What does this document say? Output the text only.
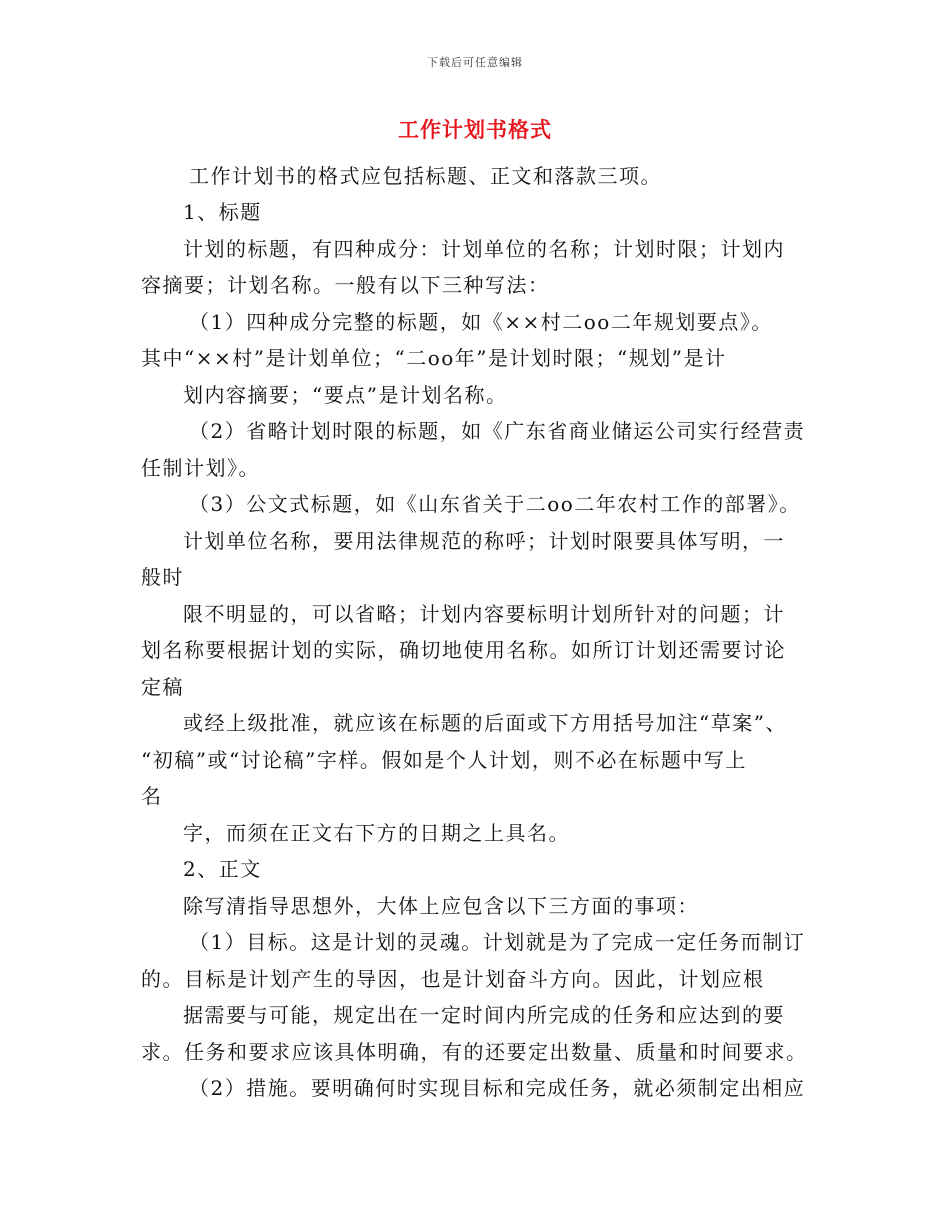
下载后可任意编辑
工作计划书格式
工作计划书的格式应包括标题、正文和落款三项。
1、标题
计划的标题，有四种成分：计划单位的名称；计划时限；计划内
容摘要；计划名称。一般有以下三种写法：
（1）四种成分完整的标题，如《××村二oo二年规划要点》。
其中“××村”是计划单位；“二oo年”是计划时限；“规划”是计
划内容摘要；“要点”是计划名称。
（2）省略计划时限的标题，如《广东省商业储运公司实行经营责
任制计划》。
（3）公文式标题，如《山东省关于二oo二年农村工作的部署》。
计划单位名称，要用法律规范的称呼；计划时限要具体写明，一
般时
限不明显的，可以省略；计划内容要标明计划所针对的问题；计
划名称要根据计划的实际，确切地使用名称。如所订计划还需要讨论
定稿
或经上级批准，就应该在标题的后面或下方用括号加注“草案”、
“初稿”或“讨论稿”字样。假如是个人计划，则不必在标题中写上
名
字，而须在正文右下方的日期之上具名。
2、正文
除写清指导思想外，大体上应包含以下三方面的事项：
（1）目标。这是计划的灵魂。计划就是为了完成一定任务而制订
的。目标是计划产生的导因，也是计划奋斗方向。因此，计划应根
据需要与可能，规定出在一定时间内所完成的任务和应达到的要
求。任务和要求应该具体明确，有的还要定出数量、质量和时间要求。
（2）措施。要明确何时实现目标和完成任务，就必须制定出相应
